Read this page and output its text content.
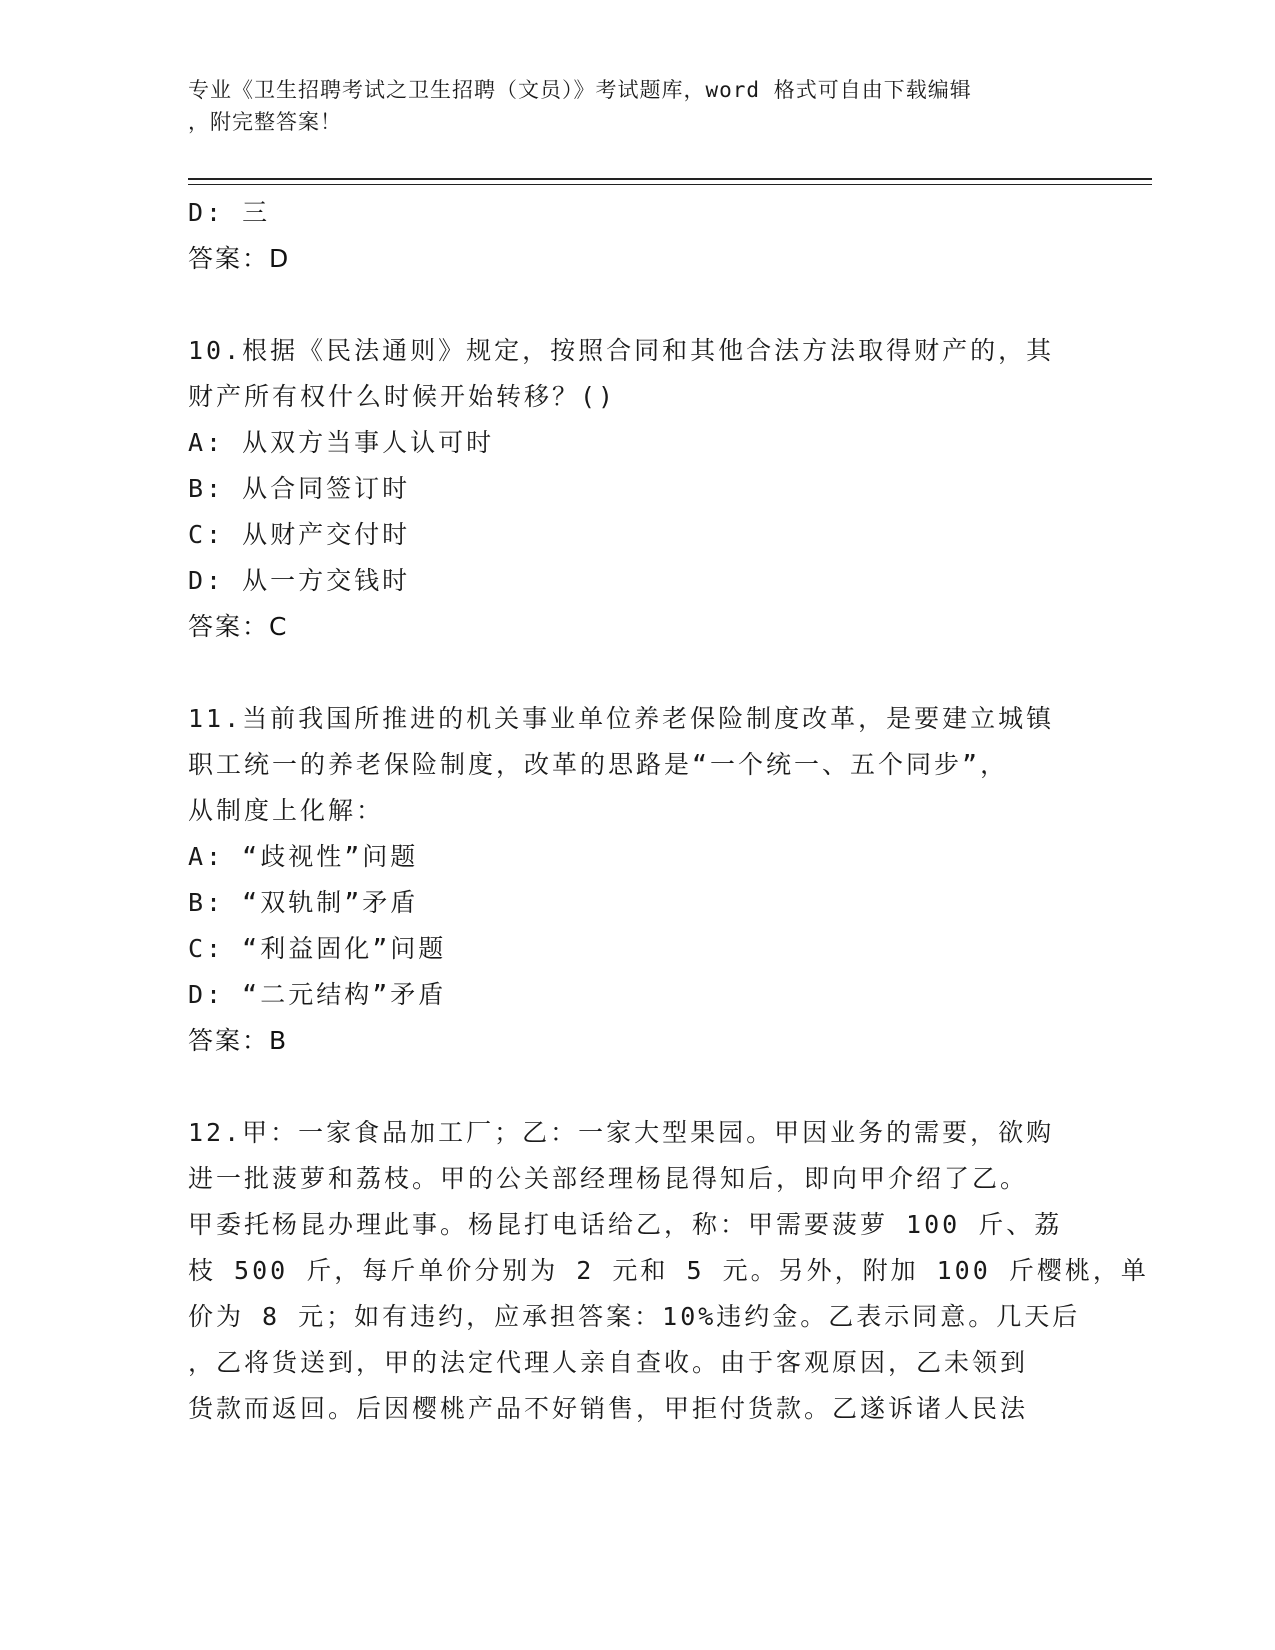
专业《卫生招聘考试之卫生招聘（文员）》考试题库，word 格式可自由下载编辑
，附完整答案！
D: 三
答案：D
10.根据《民法通则》规定，按照合同和其他合法方法取得财产的，其
财产所有权什么时候开始转移？()
A: 从双方当事人认可时
B: 从合同签订时
C: 从财产交付时
D: 从一方交钱时
答案：C
11.当前我国所推进的机关事业单位养老保险制度改革，是要建立城镇
职工统一的养老保险制度，改革的思路是“一个统一、五个同步”，
从制度上化解：
A: “歧视性”问题
B: “双轨制”矛盾
C: “利益固化”问题
D: “二元结构”矛盾
答案：B
12.甲：一家食品加工厂；乙：一家大型果园。甲因业务的需要，欲购
进一批菠萝和荔枝。甲的公关部经理杨昆得知后，即向甲介绍了乙。
甲委托杨昆办理此事。杨昆打电话给乙，称：甲需要菠萝 100 斤、荔
枝 500 斤，每斤单价分别为 2 元和 5 元。另外，附加 100 斤樱桃，单
价为 8 元；如有违约，应承担答案：10%违约金。乙表示同意。几天后
，乙将货送到，甲的法定代理人亲自查收。由于客观原因，乙未领到
货款而返回。后因樱桃产品不好销售，甲拒付货款。乙遂诉诸人民法
